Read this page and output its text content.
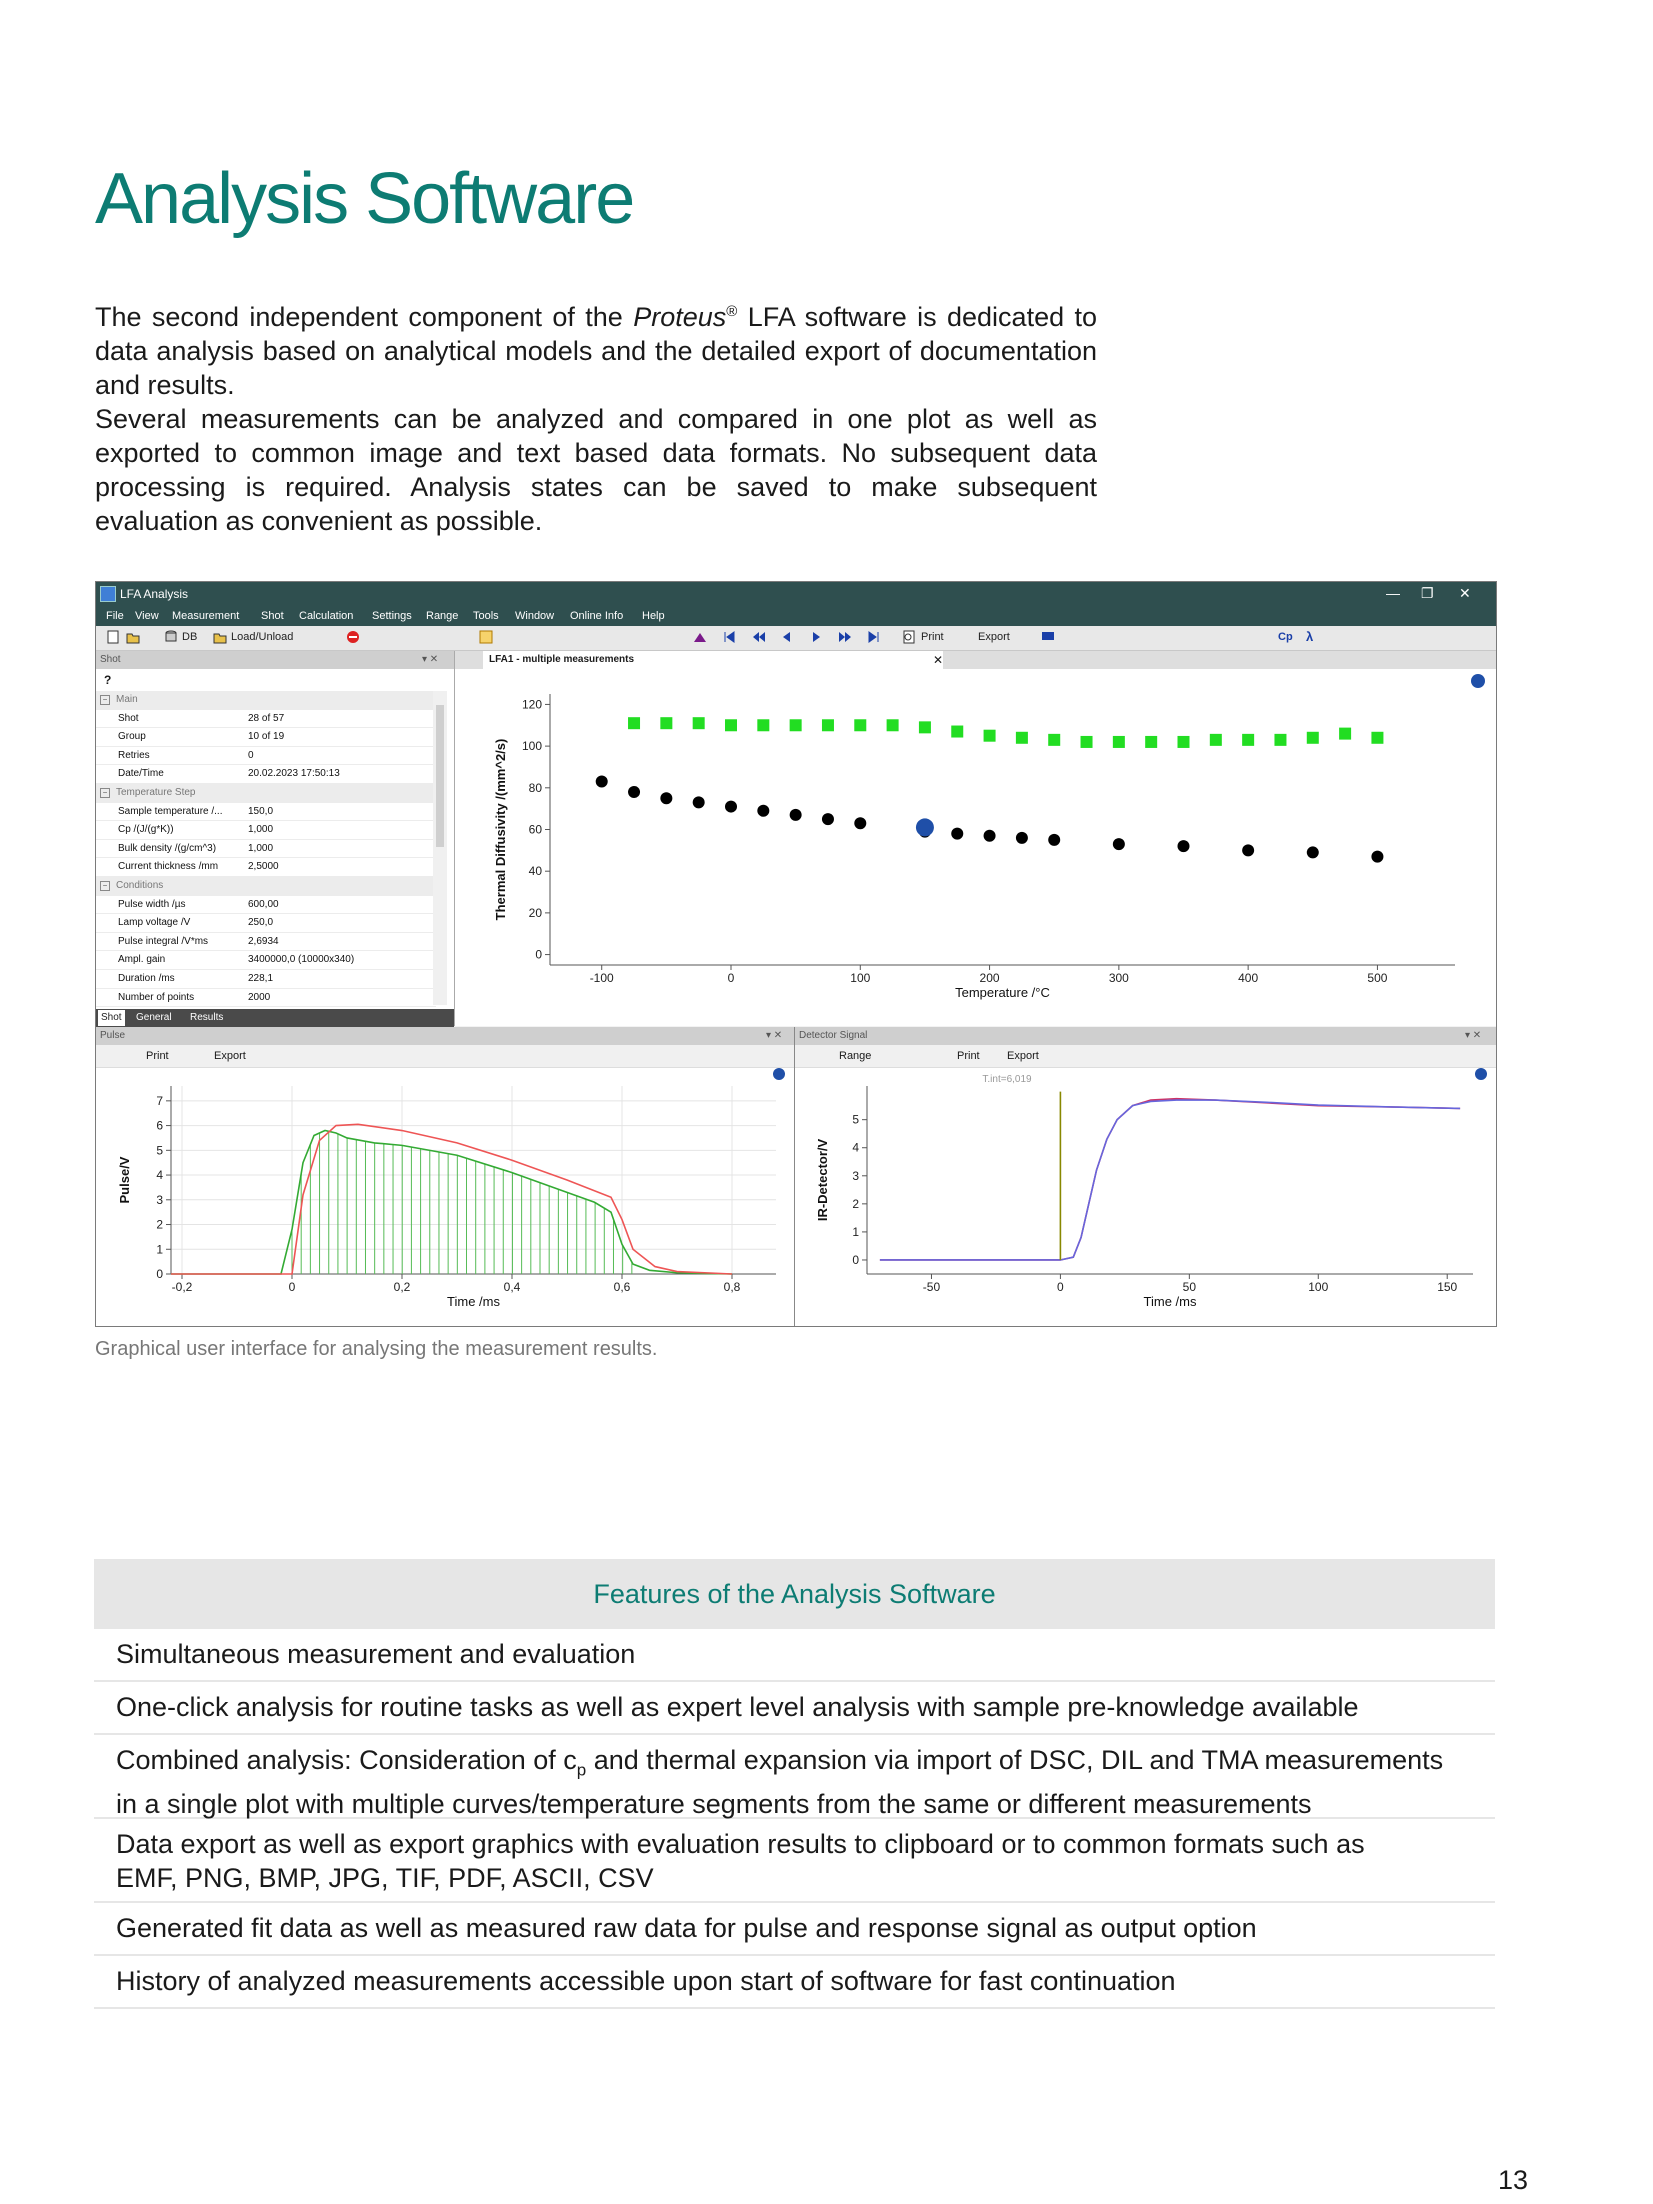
Analysis Software

The second independent component of the Proteus® LFA software is dedicated to data analysis based on analytical models and the detailed export of documentation and results.

Several measurements can be analyzed and compared in one plot as well as exported to common image and text based data formats. No subsequent data processing is required. Analysis states can be saved to make subsequent evaluation as convenient as possible.

LFA Analysis	— ❐ ✕
File View Measurement Shot Calculation Settings Range Tools Window Online Info Help
DB	Load/Unload	Print	Export	Cp λ
Shot	▾ ✕
?
− Main
Shot	28 of 57
Group	10 of 19
Retries	0
Date/Time	20.02.2023 17:50:13
− Temperature Step
Sample temperature /...	150,0
Cp /(J/(g*K))	1,000
Bulk density /(g/cm^3)	1,000
Current thickness /mm	2,5000
− Conditions
Pulse width /µs	600,00
Lamp voltage /V	250,0
Pulse integral /V*ms	2,6934
Ampl. gain	3400000,0 (10000x340)
Duration /ms	228,1
Number of points	2000
Shot	General Results
LFA1 - multiple measurements	✕
-100	0	100	200	300	400	500
0
20
40
60
80
100
120
Temperature /°C
Thermal Diffusivity /(mm^2/s)
Pulse	▾ ✕
Print	Export
-0,2	0	0,2	0,4	0,6	0,8
0
1
2
3
4
5
6
7
Time /ms
Pulse/V
Detector Signal	▾ ✕
Range	Print Export
-50	0	50	100	150
0
1
2
3
4
5
Time /ms
IR-Detector/V
T.int=6,019
Graphical user interface for analysing the measurement results.
Features of the Analysis Software
Simultaneous measurement and evaluation
One-click analysis for routine tasks as well as expert level analysis with sample pre-knowledge available
Combined analysis: Consideration of $c_p$ and thermal expansion via import of DSC, DIL and TMA measurements
in a single plot with multiple curves/temperature segments from the same or different measurements
Data export as well as export graphics with evaluation results to clipboard or to common formats such as
EMF, PNG, BMP, JPG, TIF, PDF, ASCII, CSV
Generated fit data as well as measured raw data for pulse and response signal as output option
History of analyzed measurements accessible upon start of software for fast continuation
13
